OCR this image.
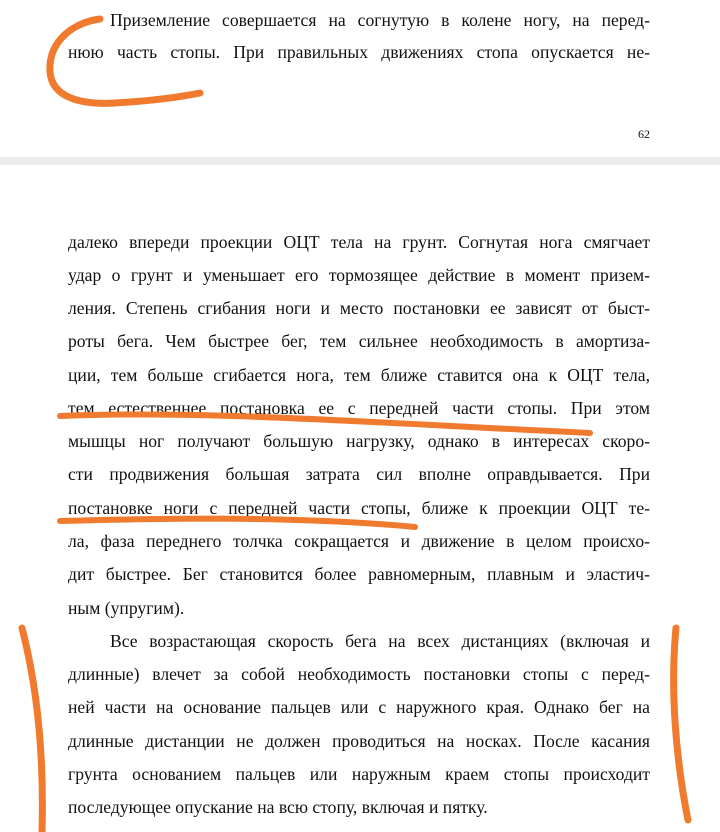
Приземление совершается на согнутую в колене ногу, на перед-
нюю часть стопы. При правильных движениях стопа опускается не-
62
далеко впереди проекции ОЦТ тела на грунт. Согнутая нога смягчает
удар о грунт и уменьшает его тормозящее действие в момент призем-
ления. Степень сгибания ноги и место постановки ее зависят от быст-
роты бега. Чем быстрее бег, тем сильнее необходимость в амортиза-
ции, тем больше сгибается нога, тем ближе ставится она к ОЦТ тела,
тем естественнее постановка ее с передней части стопы. При этом
мышцы ног получают большую нагрузку, однако в интересах скоро-
сти продвижения большая затрата сил вполне оправдывается. При
постановке ноги с передней части стопы, ближе к проекции ОЦТ те-
ла, фаза переднего толчка сокращается и движение в целом происхо-
дит быстрее. Бег становится более равномерным, плавным и эластич-
ным (упругим).
Все возрастающая скорость бега на всех дистанциях (включая и
длинные) влечет за собой необходимость постановки стопы с перед-
ней части на основание пальцев или с наружного края. Однако бег на
длинные дистанции не должен проводиться на носках. После касания
грунта основанием пальцев или наружным краем стопы происходит
последующее опускание на всю стопу, включая и пятку.
